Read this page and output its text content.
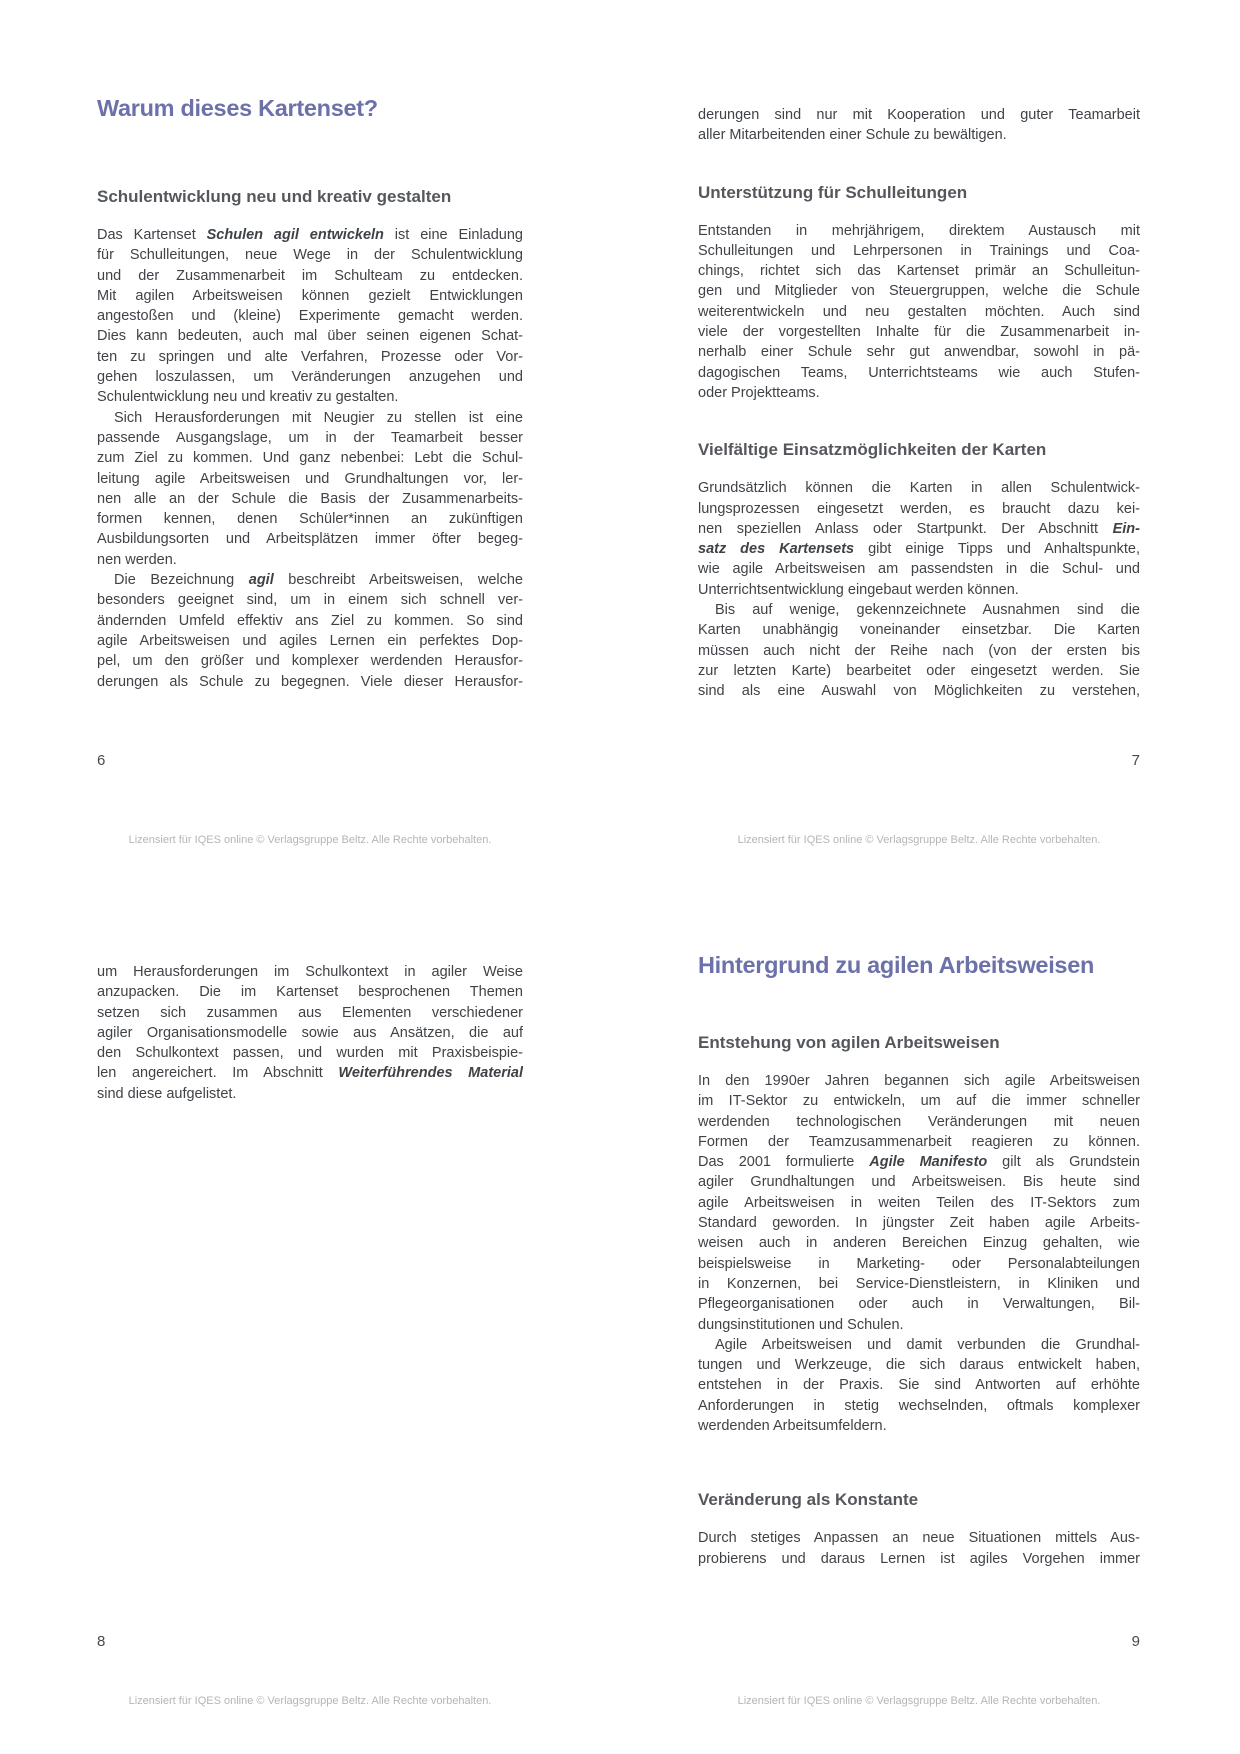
Warum dieses Kartenset?
Schulentwicklung neu und kreativ gestalten
Das Kartenset Schulen agil entwickeln ist eine Einladung
für Schulleitungen, neue Wege in der Schulentwicklung
und der Zusammenarbeit im Schulteam zu entdecken.
Mit agilen Arbeitsweisen können gezielt Entwicklungen
angestoßen und (kleine) Experimente gemacht werden.
Dies kann bedeuten, auch mal über seinen eigenen Schat-
ten zu springen und alte Verfahren, Prozesse oder Vor-
gehen loszulassen, um Veränderungen anzugehen und
Schulentwicklung neu und kreativ zu gestalten.
Sich Herausforderungen mit Neugier zu stellen ist eine
passende Ausgangslage, um in der Teamarbeit besser
zum Ziel zu kommen. Und ganz nebenbei: Lebt die Schul-
leitung agile Arbeitsweisen und Grundhaltungen vor, ler-
nen alle an der Schule die Basis der Zusammenarbeits-
formen kennen, denen Schüler*innen an zukünftigen
Ausbildungsorten und Arbeitsplätzen immer öfter begeg-
nen werden.
Die Bezeichnung agil beschreibt Arbeitsweisen, welche
besonders geeignet sind, um in einem sich schnell ver-
ändernden Umfeld effektiv ans Ziel zu kommen. So sind
agile Arbeitsweisen und agiles Lernen ein perfektes Dop-
pel, um den größer und komplexer werdenden Herausfor-
derungen als Schule zu begegnen. Viele dieser Herausfor-
derungen sind nur mit Kooperation und guter Teamarbeit
aller Mitarbeitenden einer Schule zu bewältigen.
Unterstützung für Schulleitungen
Entstanden in mehrjährigem, direktem Austausch mit
Schulleitungen und Lehrpersonen in Trainings und Coa-
chings, richtet sich das Kartenset primär an Schulleitun-
gen und Mitglieder von Steuergruppen, welche die Schule
weiterentwickeln und neu gestalten möchten. Auch sind
viele der vorgestellten Inhalte für die Zusammenarbeit in-
nerhalb einer Schule sehr gut anwendbar, sowohl in pä-
dagogischen Teams, Unterrichtsteams wie auch Stufen-
oder Projektteams.
Vielfältige Einsatzmöglichkeiten der Karten
Grundsätzlich können die Karten in allen Schulentwick-
lungsprozessen eingesetzt werden, es braucht dazu kei-
nen speziellen Anlass oder Startpunkt. Der Abschnitt Ein-
satz des Kartensets gibt einige Tipps und Anhaltspunkte,
wie agile Arbeitsweisen am passendsten in die Schul- und
Unterrichtsentwicklung eingebaut werden können.
Bis auf wenige, gekennzeichnete Ausnahmen sind die
Karten unabhängig voneinander einsetzbar. Die Karten
müssen auch nicht der Reihe nach (von der ersten bis
zur letzten Karte) bearbeitet oder eingesetzt werden. Sie
sind als eine Auswahl von Möglichkeiten zu verstehen,
um Herausforderungen im Schulkontext in agiler Weise
anzupacken. Die im Kartenset besprochenen Themen
setzen sich zusammen aus Elementen verschiedener
agiler Organisationsmodelle sowie aus Ansätzen, die auf
den Schulkontext passen, und wurden mit Praxisbeispie-
len angereichert. Im Abschnitt Weiterführendes Material
sind diese aufgelistet.
Hintergrund zu agilen Arbeitsweisen
Entstehung von agilen Arbeitsweisen
In den 1990er Jahren begannen sich agile Arbeitsweisen
im IT-Sektor zu entwickeln, um auf die immer schneller
werdenden technologischen Veränderungen mit neuen
Formen der Teamzusammenarbeit reagieren zu können.
Das 2001 formulierte Agile Manifesto gilt als Grundstein
agiler Grundhaltungen und Arbeitsweisen. Bis heute sind
agile Arbeitsweisen in weiten Teilen des IT-Sektors zum
Standard geworden. In jüngster Zeit haben agile Arbeits-
weisen auch in anderen Bereichen Einzug gehalten, wie
beispielsweise in Marketing- oder Personalabteilungen
in Konzernen, bei Service-Dienstleistern, in Kliniken und
Pflegeorganisationen oder auch in Verwaltungen, Bil-
dungsinstitutionen und Schulen.
Agile Arbeitsweisen und damit verbunden die Grundhal-
tungen und Werkzeuge, die sich daraus entwickelt haben,
entstehen in der Praxis. Sie sind Antworten auf erhöhte
Anforderungen in stetig wechselnden, oftmals komplexer
werdenden Arbeitsumfeldern.
Veränderung als Konstante
Durch stetiges Anpassen an neue Situationen mittels Aus-
probierens und daraus Lernen ist agiles Vorgehen immer
6	7
8	9
Lizensiert für IQES online © Verlagsgruppe Beltz. Alle Rechte vorbehalten.	Lizensiert für IQES online © Verlagsgruppe Beltz. Alle Rechte vorbehalten.
Lizensiert für IQES online © Verlagsgruppe Beltz. Alle Rechte vorbehalten.	Lizensiert für IQES online © Verlagsgruppe Beltz. Alle Rechte vorbehalten.
